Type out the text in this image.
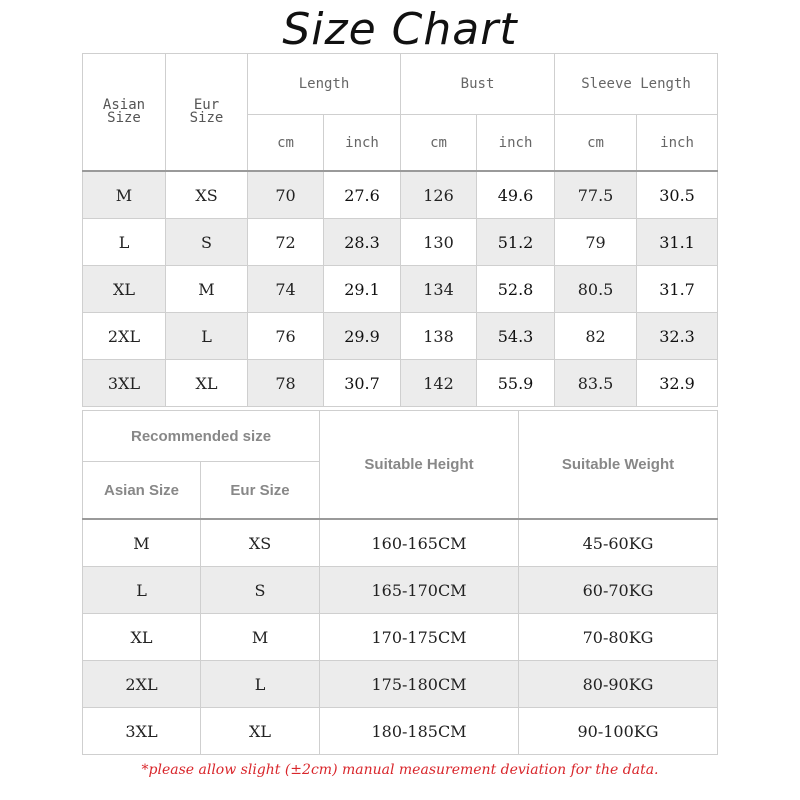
Size Chart
Asian Size	Eur Size	Length		Bust		Sleeve Length	
		cm	inch	cm	inch	cm	inch
M	XS	70	27.6	126	49.6	77.5	30.5
L	S	72	28.3	130	51.2	79	31.1
XL	M	74	29.1	134	52.8	80.5	31.7
2XL	L	76	29.9	138	54.3	82	32.3
3XL	XL	78	30.7	142	55.9	83.5	32.9
Recommended size		Suitable Height	Suitable Weight
Asian Size	Eur Size		
M	XS	160-165CM	45-60KG
L	S	165-170CM	60-70KG
XL	M	170-175CM	70-80KG
2XL	L	175-180CM	80-90KG
3XL	XL	180-185CM	90-100KG
*please allow slight (±2cm) manual measurement deviation for the data.
